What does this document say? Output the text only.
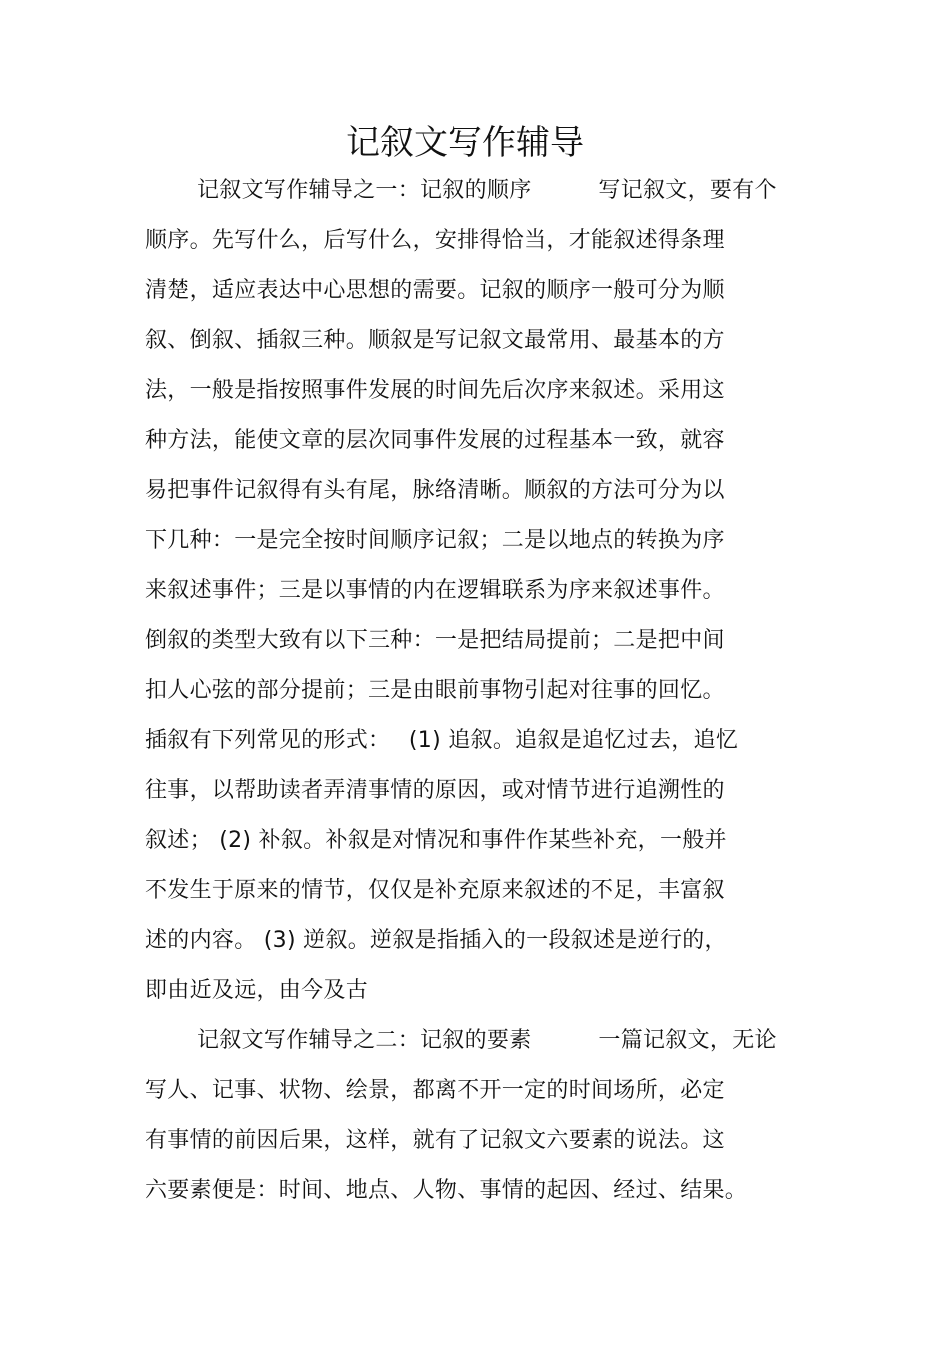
记叙文写作辅导
记叙文写作辅导之一：记叙的顺序　　　写记叙文，要有个
顺序。先写什么，后写什么，安排得恰当，才能叙述得条理
清楚，适应表达中心思想的需要。记叙的顺序一般可分为顺
叙、倒叙、插叙三种。顺叙是写记叙文最常用、最基本的方
法，一般是指按照事件发展的时间先后次序来叙述。采用这
种方法，能使文章的层次同事件发展的过程基本一致，就容
易把事件记叙得有头有尾，脉络清晰。顺叙的方法可分为以
下几种：一是完全按时间顺序记叙；二是以地点的转换为序
来叙述事件；三是以事情的内在逻辑联系为序来叙述事件。
倒叙的类型大致有以下三种：一是把结局提前；二是把中间
扣人心弦的部分提前；三是由眼前事物引起对往事的回忆。
插叙有下列常见的形式：　 (1) 追叙。追叙是追忆过去，追忆
往事，以帮助读者弄清事情的原因，或对情节进行追溯性的
叙述； (2) 补叙。补叙是对情况和事件作某些补充，一般并
不发生于原来的情节，仅仅是补充原来叙述的不足，丰富叙
述的内容。 (3) 逆叙。逆叙是指插入的一段叙述是逆行的，
即由近及远，由今及古
记叙文写作辅导之二：记叙的要素　　　一篇记叙文，无论
写人、记事、状物、绘景，都离不开一定的时间场所，必定
有事情的前因后果，这样，就有了记叙文六要素的说法。这
六要素便是：时间、地点、人物、事情的起因、经过、结果。
